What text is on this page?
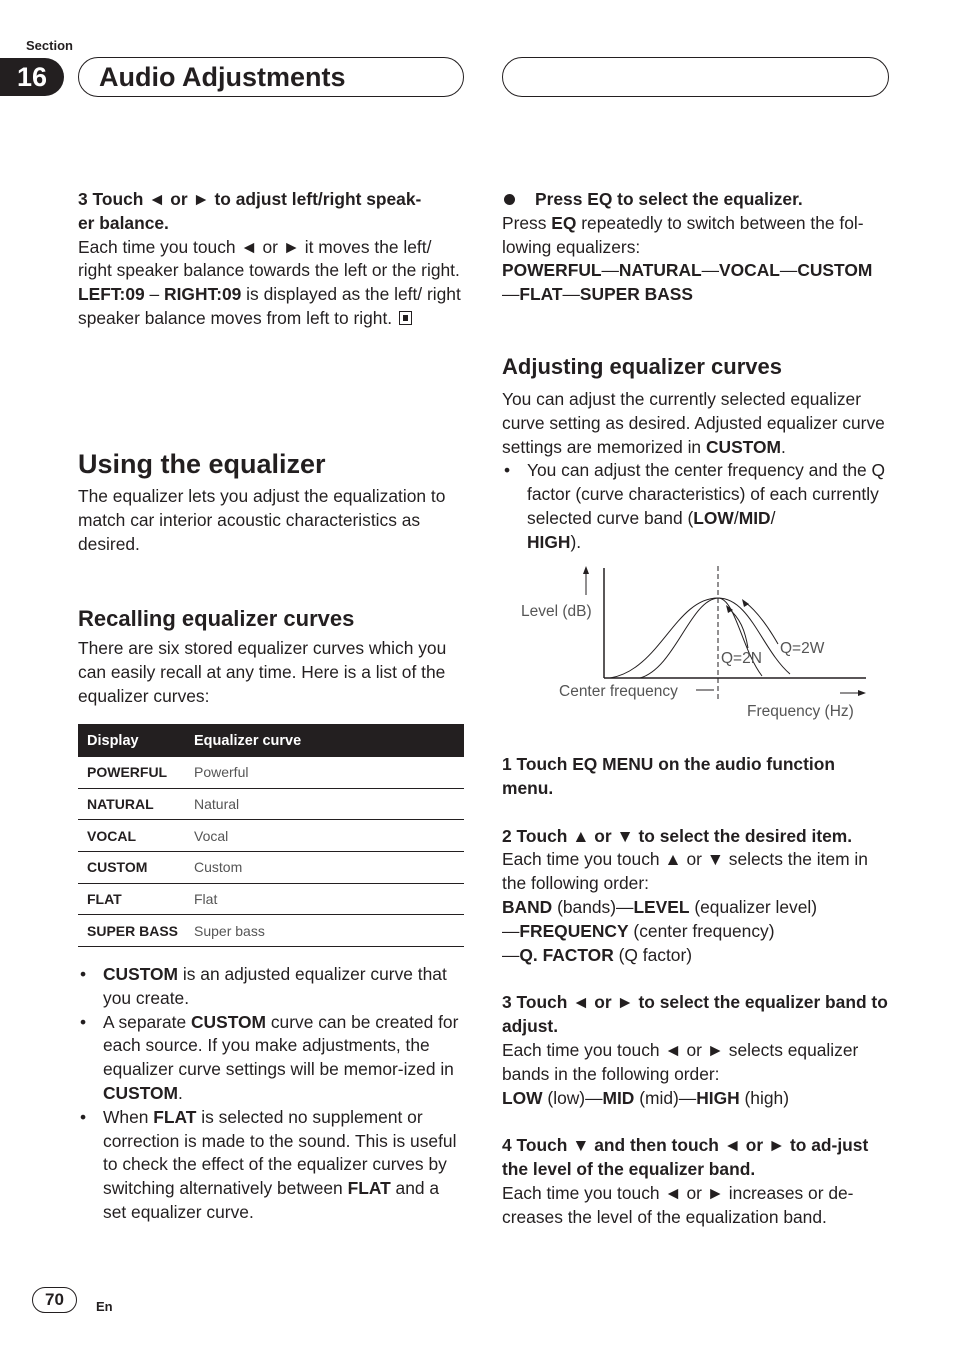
Section
16	Audio Adjustments

3 Touch ◄ or ► to adjust left/right speak-
er balance.

Each time you touch ◄ or ► it moves the left/ right speaker balance towards the left or the right.

LEFT:09 – RIGHT:09 is displayed as the left/ right speaker balance moves from left to right.

Using the equalizer

The equalizer lets you adjust the equalization to match car interior acoustic characteristics as desired.

Recalling equalizer curves

There are six stored equalizer curves which you can easily recall at any time. Here is a list of the equalizer curves:

Display	Equalizer curve
POWERFUL	Powerful
NATURAL	Natural
VOCAL	Vocal
CUSTOM	Custom
FLAT	Flat
SUPER BASS	Super bass

• CUSTOM is an adjusted equalizer curve that you create.

• A separate CUSTOM curve can be created for each source. If you make adjustments, the equalizer curve settings will be memor-ized in CUSTOM.

• When FLAT is selected no supplement or correction is made to the sound. This is useful to check the effect of the equalizer curves by switching alternatively between FLAT and a set equalizer curve.

Press EQ to select the equalizer.

Press EQ repeatedly to switch between the fol-lowing equalizers:

POWERFUL—NATURAL—VOCAL—CUSTOM
—FLAT—SUPER BASS

Adjusting equalizer curves

You can adjust the currently selected equalizer curve setting as desired. Adjusted equalizer curve settings are memorized in CUSTOM.

• You can adjust the center frequency and the Q factor (curve characteristics) of each currently selected curve band (LOW/MID/
HIGH).

Level (dB)
Q=2N
Q=2W
Center frequency
Frequency (Hz)

1 Touch EQ MENU on the audio function menu.

2 Touch ▲ or ▼ to select the desired item.

Each time you touch ▲ or ▼ selects the item in the following order:

BAND (bands)—LEVEL (equalizer level)
—FREQUENCY (center frequency)
—Q. FACTOR (Q factor)

3 Touch ◄ or ► to select the equalizer band to adjust.

Each time you touch ◄ or ► selects equalizer bands in the following order:

LOW (low)—MID (mid)—HIGH (high)

4 Touch ▼ and then touch ◄ or ► to ad-just the level of the equalizer band.

Each time you touch ◄ or ► increases or de-creases the level of the equalization band.

70	En
